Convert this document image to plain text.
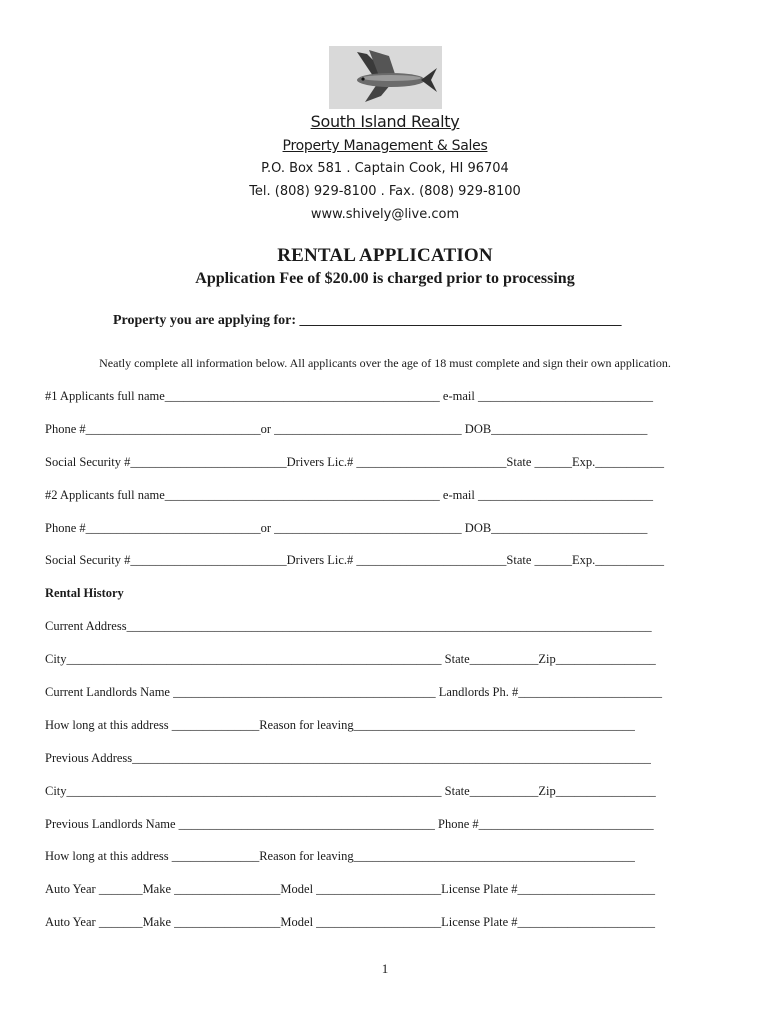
South Island Realty
Property Management & Sales
P.O. Box 581 . Captain Cook, HI 96704
Tel. (808) 929-8100 . Fax. (808) 929-8100
www.shively@live.com
RENTAL APPLICATION
Application Fee of $20.00 is charged prior to processing
Property you are applying for: ______________________________________________
Neatly complete all information below. All applicants over the age of 18 must complete and sign their own application.
#1 Applicants full name____________________________________________ e-mail ____________________________
Phone #____________________________or ______________________________ DOB_________________________
Social Security #_________________________Drivers Lic.# ________________________State ______Exp.___________
#2 Applicants full name____________________________________________ e-mail ____________________________
Phone #____________________________or ______________________________ DOB_________________________
Social Security #_________________________Drivers Lic.# ________________________State ______Exp.___________
Rental History
Current Address____________________________________________________________________________________
City____________________________________________________________ State___________Zip________________
Current Landlords Name __________________________________________ Landlords Ph. #_______________________
How long at this address ______________Reason for leaving_____________________________________________
Previous Address___________________________________________________________________________________
City____________________________________________________________ State___________Zip________________
Previous Landlords Name _________________________________________ Phone #____________________________
How long at this address ______________Reason for leaving_____________________________________________
Auto Year _______Make _________________Model ____________________License Plate #______________________
Auto Year _______Make _________________Model ____________________License Plate #______________________
1
